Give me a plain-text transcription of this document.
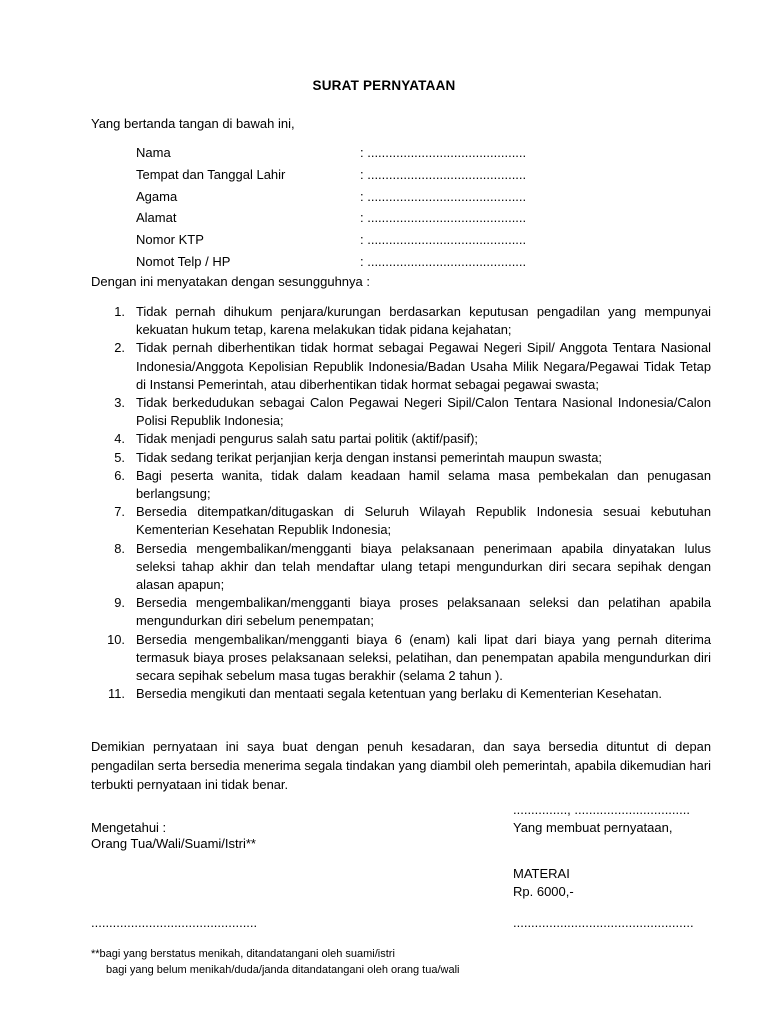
SURAT PERNYATAAN
Yang bertanda tangan di bawah ini,
Nama	: ............................................
Tempat dan Tanggal Lahir	: ............................................
Agama	: ............................................
Alamat	: ............................................
Nomor KTP	: ............................................
Nomot Telp / HP	: ............................................
Dengan ini menyatakan dengan sesungguhnya :
1. Tidak pernah dihukum penjara/kurungan berdasarkan keputusan pengadilan yang mempunyai kekuatan hukum tetap, karena melakukan tidak pidana kejahatan;
2. Tidak pernah diberhentikan tidak hormat sebagai Pegawai Negeri Sipil/ Anggota Tentara Nasional Indonesia/Anggota Kepolisian Republik Indonesia/Badan Usaha Milik Negara/Pegawai Tidak Tetap di Instansi Pemerintah, atau diberhentikan tidak hormat sebagai pegawai swasta;
3. Tidak berkedudukan sebagai Calon Pegawai Negeri Sipil/Calon Tentara Nasional Indonesia/Calon Polisi Republik Indonesia;
4. Tidak menjadi pengurus salah satu partai politik (aktif/pasif);
5. Tidak sedang terikat perjanjian kerja dengan instansi pemerintah maupun swasta;
6. Bagi peserta wanita, tidak dalam keadaan hamil selama masa pembekalan dan penugasan berlangsung;
7. Bersedia ditempatkan/ditugaskan di Seluruh Wilayah Republik Indonesia sesuai kebutuhan Kementerian Kesehatan Republik Indonesia;
8. Bersedia mengembalikan/mengganti biaya pelaksanaan penerimaan apabila dinyatakan lulus seleksi tahap akhir dan telah mendaftar ulang tetapi mengundurkan diri secara sepihak dengan alasan apapun;
9. Bersedia mengembalikan/mengganti biaya proses pelaksanaan seleksi dan pelatihan apabila mengundurkan diri sebelum penempatan;
10. Bersedia mengembalikan/mengganti biaya 6 (enam) kali lipat dari biaya yang pernah diterima termasuk biaya proses pelaksanaan seleksi, pelatihan, dan penempatan apabila mengundurkan diri secara sepihak sebelum masa tugas berakhir (selama 2 tahun ).
11. Bersedia mengikuti dan mentaati segala ketentuan yang berlaku di Kementerian Kesehatan.
Demikian pernyataan ini saya buat dengan penuh kesadaran, dan saya bersedia dituntut di depan pengadilan serta bersedia menerima segala tindakan yang diambil oleh pemerintah, apabila dikemudian hari terbukti pernyataan ini tidak benar.
..............., ................................
Mengetahui :	Yang membuat pernyataan,
Orang Tua/Wali/Suami/Istri**
MATERAI
Rp. 6000,-
..............................................	..................................................
**bagi yang berstatus menikah, ditandatangani oleh suami/istri
bagi yang belum menikah/duda/janda ditandatangani oleh orang tua/wali
